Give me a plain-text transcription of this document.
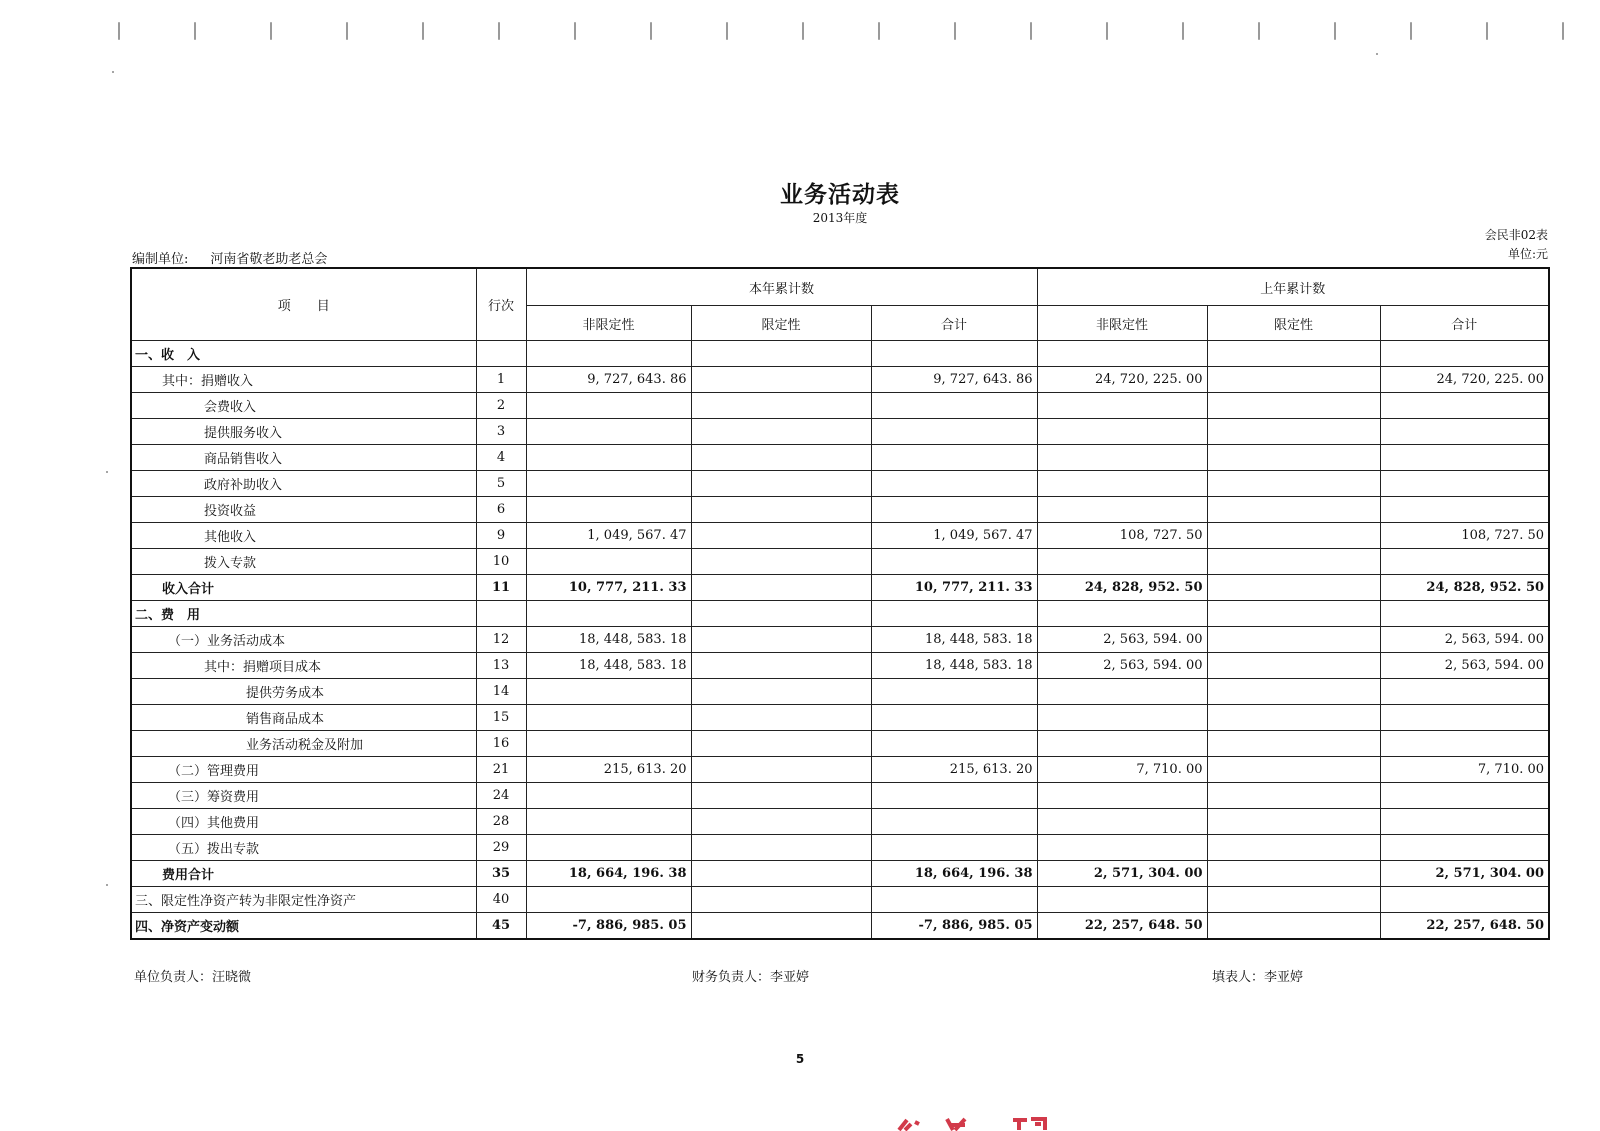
业务活动表
2013年度
会民非02表
单位:元
编制单位: 河南省敬老助老总会
项　　目	行次	本年累计数			上年累计数		
		非限定性	限定性	合计	非限定性	限定性	合计
一、收　入							
其中：捐赠收入	1	9, 727, 643. 86		9, 727, 643. 86	24, 720, 225. 00		24, 720, 225. 00
会费收入	2						
提供服务收入	3						
商品销售收入	4						
政府补助收入	5						
投资收益	6						
其他收入	9	1, 049, 567. 47		1, 049, 567. 47	108, 727. 50		108, 727. 50
拨入专款	10						
收入合计	11	10, 777, 211. 33		10, 777, 211. 33	24, 828, 952. 50		24, 828, 952. 50
二、费　用							
（一）业务活动成本	12	18, 448, 583. 18		18, 448, 583. 18	2, 563, 594. 00		2, 563, 594. 00
其中：捐赠项目成本	13	18, 448, 583. 18		18, 448, 583. 18	2, 563, 594. 00		2, 563, 594. 00
提供劳务成本	14						
销售商品成本	15						
业务活动税金及附加	16						
（二）管理费用	21	215, 613. 20		215, 613. 20	7, 710. 00		7, 710. 00
（三）筹资费用	24						
（四）其他费用	28						
（五）拨出专款	29						
费用合计	35	18, 664, 196. 38		18, 664, 196. 38	2, 571, 304. 00		2, 571, 304. 00
三、限定性净资产转为非限定性净资产	40						
四、净资产变动额	45	-7, 886, 985. 05		-7, 886, 985. 05	22, 257, 648. 50		22, 257, 648. 50
单位负责人：汪晓微	财务负责人：李亚婷	填表人：李亚婷
5
